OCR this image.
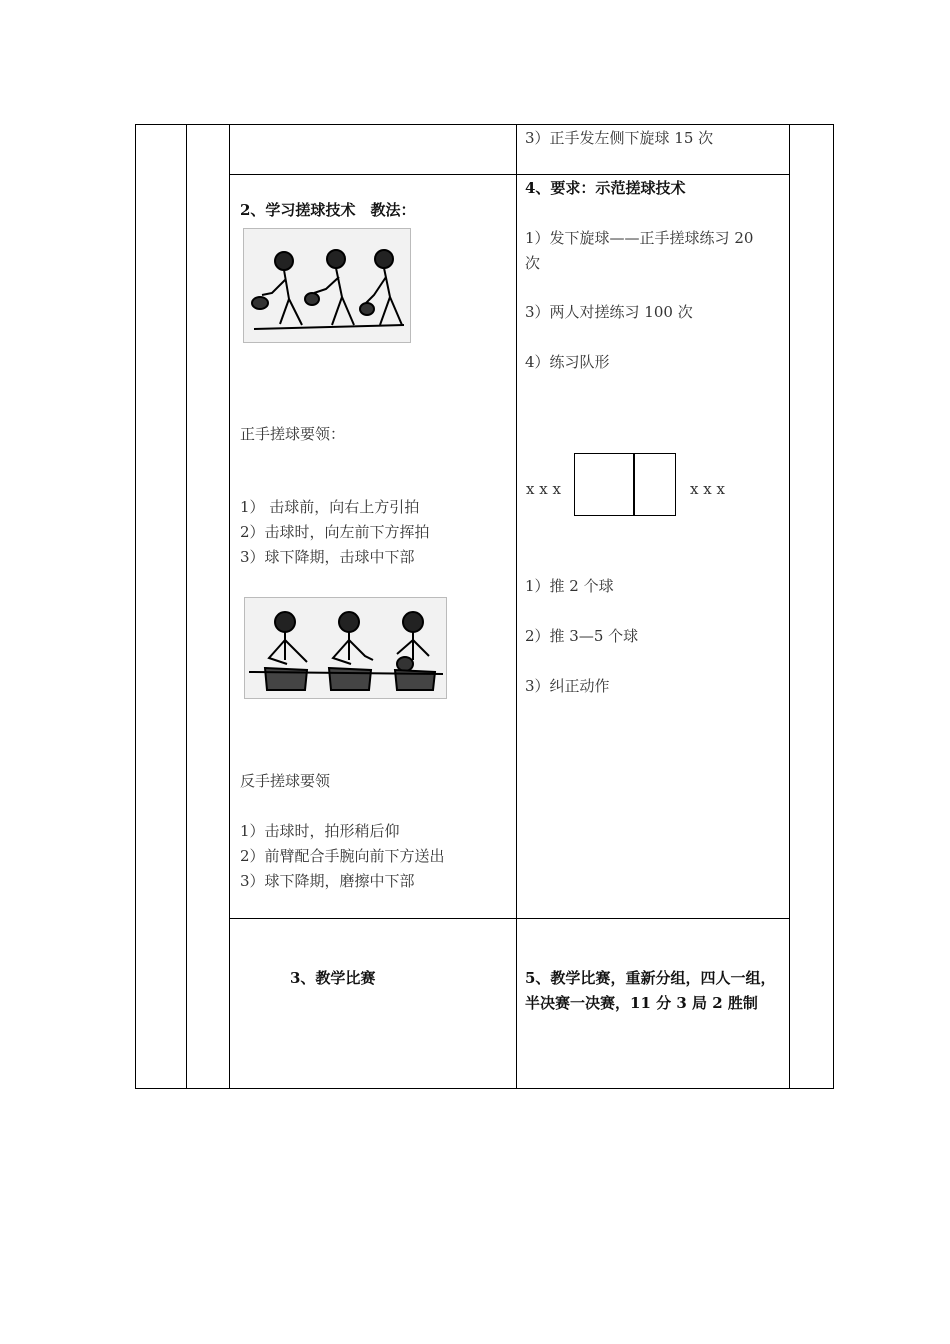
3）正手发左侧下旋球 15 次
2、学习搓球技术　教法：
正手搓球要领：
1） 击球前，向右上方引拍
2）击球时，向左前下方挥拍
3）球下降期，击球中下部
反手搓球要领
1）击球时，拍形稍后仰
2）前臂配合手腕向前下方送出
3）球下降期，磨擦中下部
4、要求：示范搓球技术
1）发下旋球——正手搓球练习 20
次
3）两人对搓练习 100 次
4）练习队形
x x x	x x x
1）推 2 个球
2）推 3—5 个球
3）纠正动作
3、教学比赛	5、教学比赛，重新分组，四人一组，
半决赛一决赛，11 分 3 局 2 胜制
